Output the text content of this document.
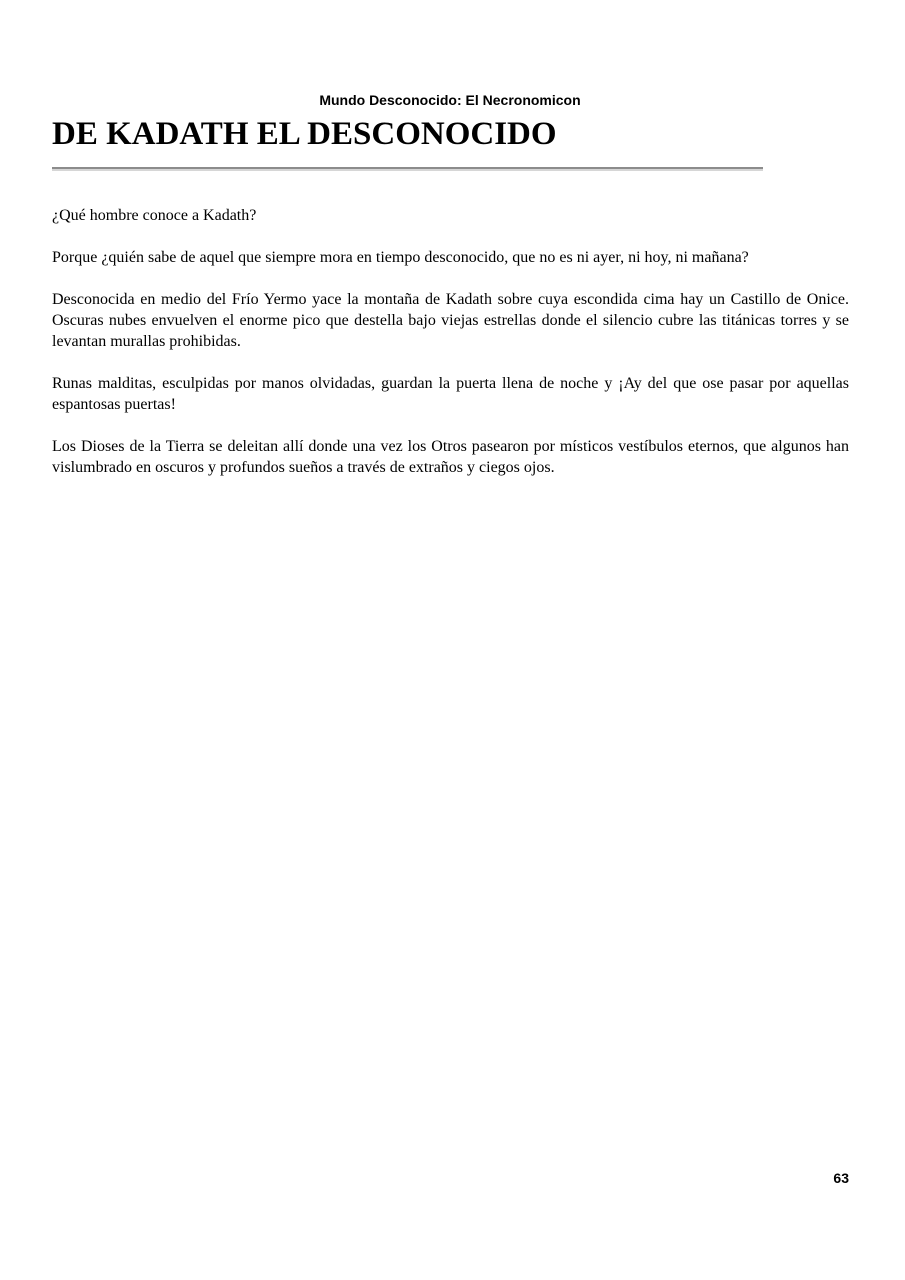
Mundo Desconocido: El Necronomicon
DE KADATH EL DESCONOCIDO

¿Qué hombre conoce a Kadath?

Porque ¿quién sabe de aquel que siempre mora en tiempo desconocido, que no es ni ayer, ni hoy, ni mañana?

Desconocida en medio del Frío Yermo yace la montaña de Kadath sobre cuya escondida cima hay un Castillo de Onice. Oscuras nubes envuelven el enorme pico que destella bajo viejas estrellas donde el silencio cubre las titánicas torres y se levantan murallas prohibidas.

Runas malditas, esculpidas por manos olvidadas, guardan la puerta llena de noche y ¡Ay del que ose pasar por aquellas espantosas puertas!

Los Dioses de la Tierra se deleitan allí donde una vez los Otros pasearon por místicos vestíbulos eternos, que algunos han vislumbrado en oscuros y profundos sueños a través de extraños y ciegos ojos.

63
